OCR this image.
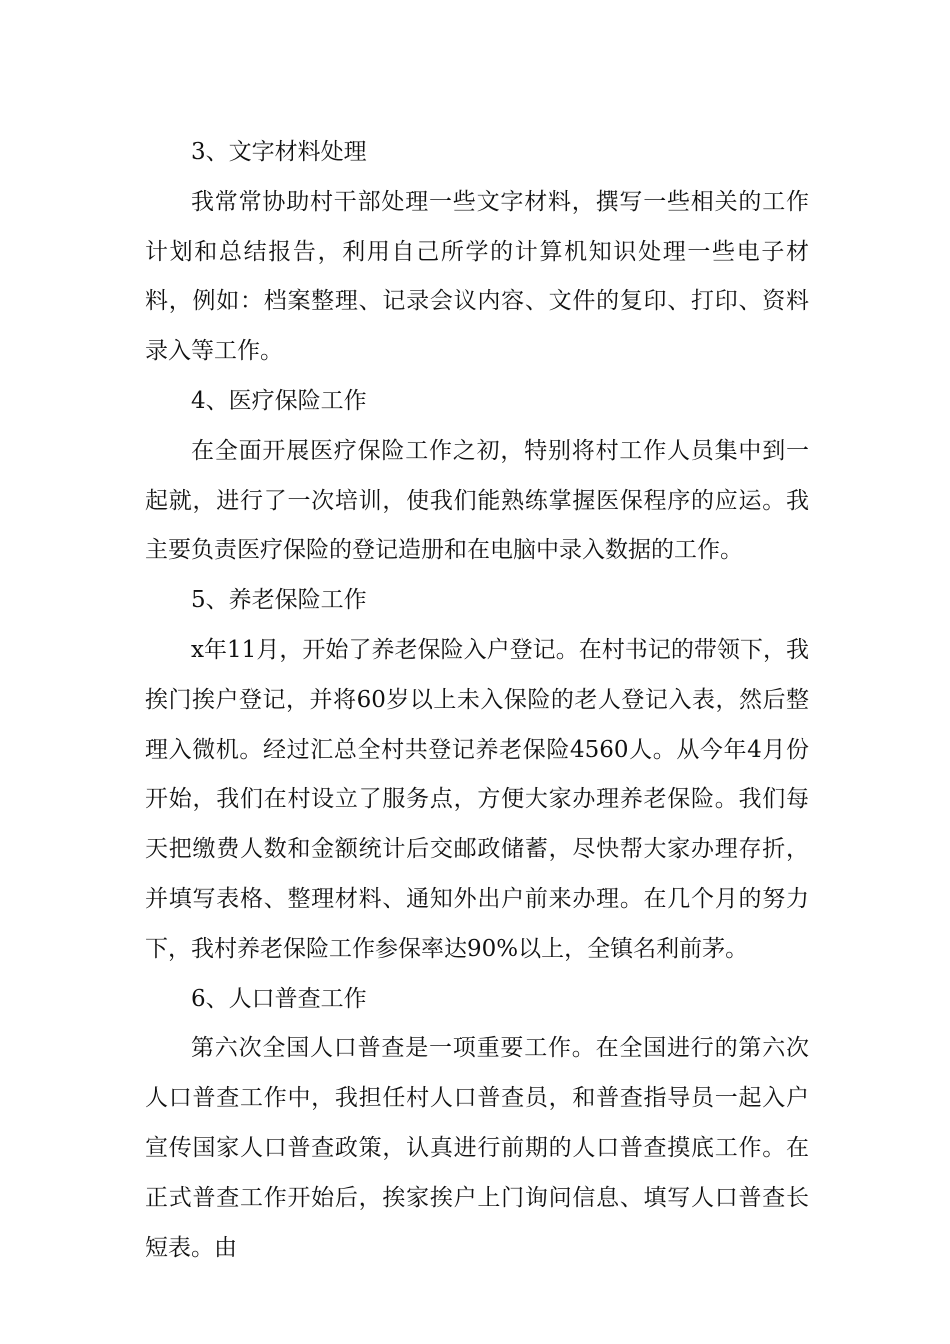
3、文字材料处理

我常常协助村干部处理一些文字材料，撰写一些相关的工作计划和总结报告，利用自己所学的计算机知识处理一些电子材料，例如：档案整理、记录会议内容、文件的复印、打印、资料录入等工作。

4、医疗保险工作

在全面开展医疗保险工作之初，特别将村工作人员集中到一起就，进行了一次培训，使我们能熟练掌握医保程序的应运。我主要负责医疗保险的登记造册和在电脑中录入数据的工作。

5、养老保险工作

x年11月，开始了养老保险入户登记。在村书记的带领下，我挨门挨户登记，并将60岁以上未入保险的老人登记入表，然后整理入微机。经过汇总全村共登记养老保险4560人。从今年4月份开始，我们在村设立了服务点，方便大家办理养老保险。我们每天把缴费人数和金额统计后交邮政储蓄，尽快帮大家办理存折，并填写表格、整理材料、通知外出户前来办理。在几个月的努力下，我村养老保险工作参保率达90%以上，全镇名利前茅。

6、人口普查工作

第六次全国人口普查是一项重要工作。在全国进行的第六次人口普查工作中，我担任村人口普查员，和普查指导员一起入户宣传国家人口普查政策，认真进行前期的人口普查摸底工作。在正式普查工作开始后，挨家挨户上门询问信息、填写人口普查长短表。由
